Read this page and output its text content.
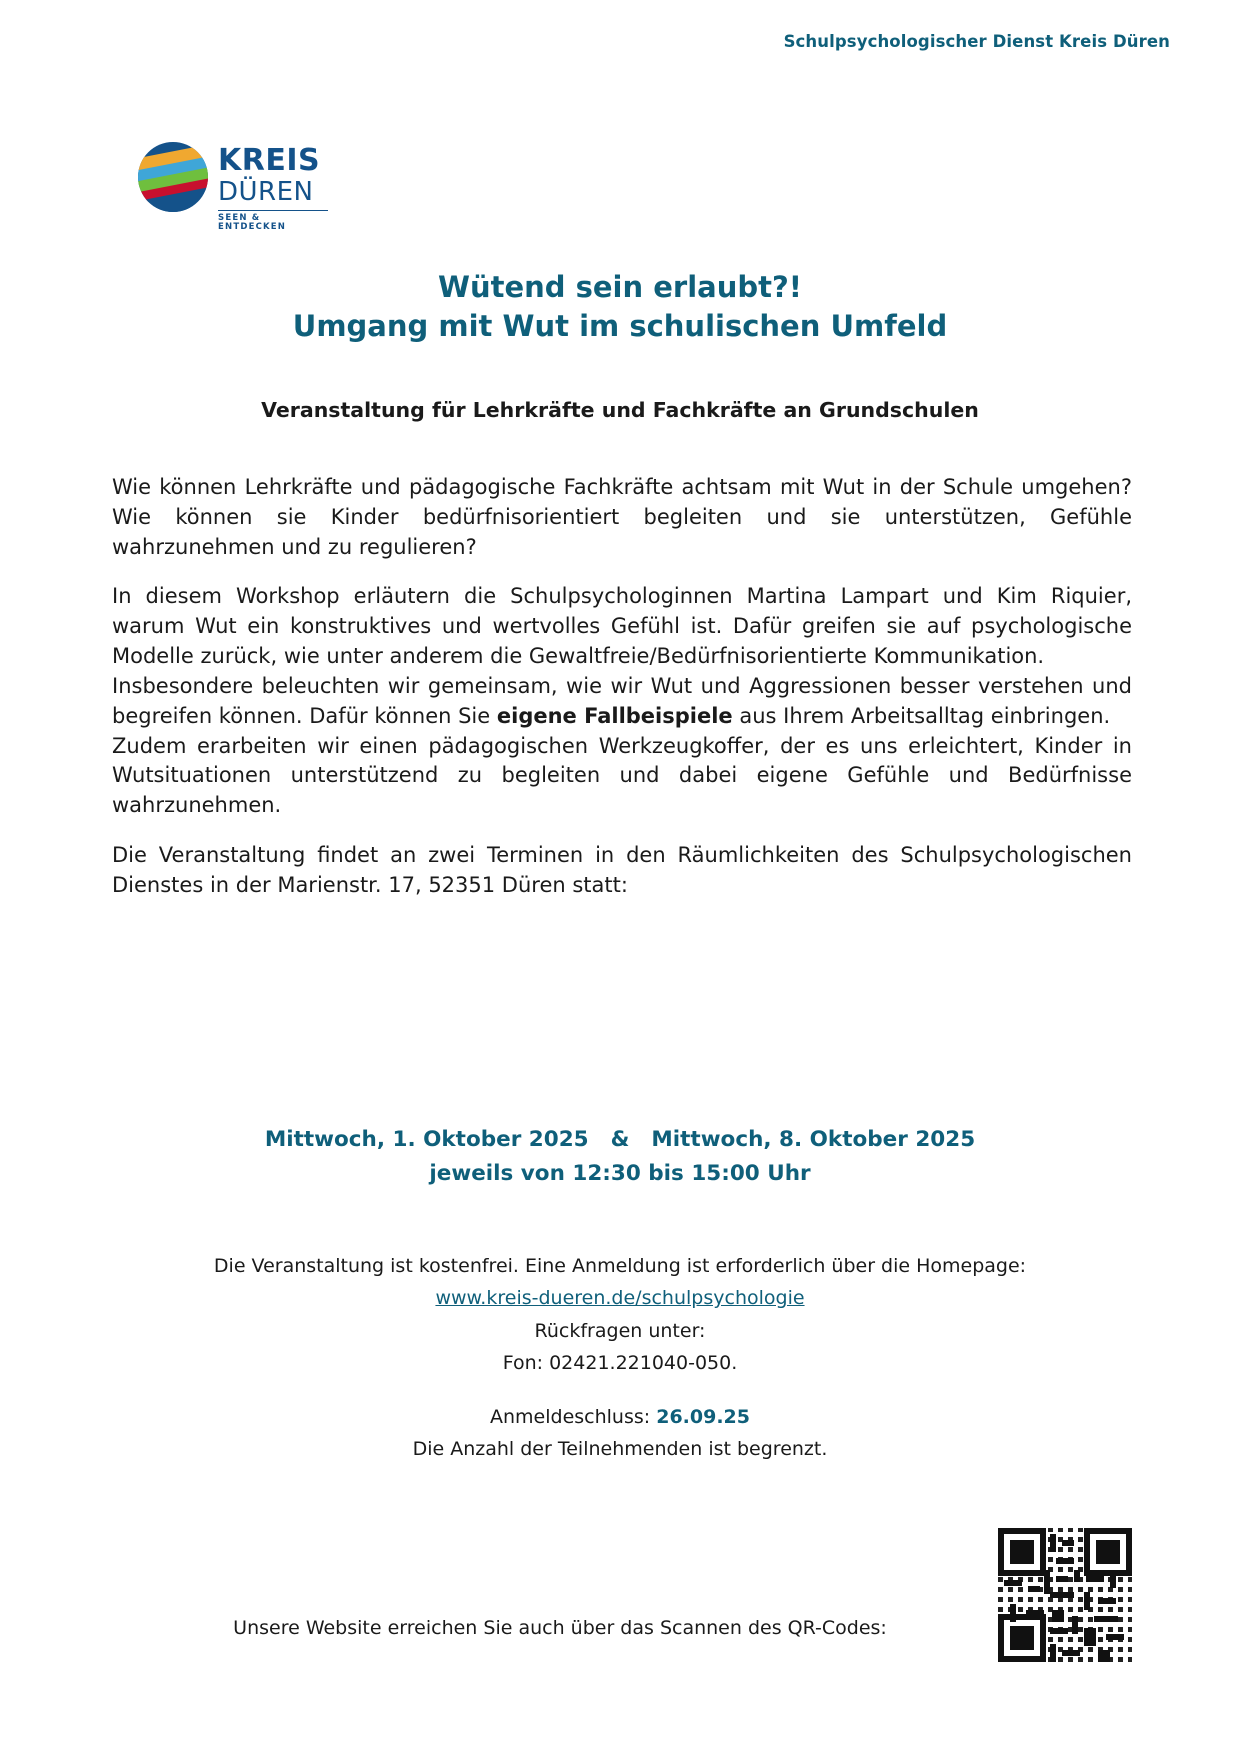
Schulpsychologischer Dienst Kreis Düren
KREIS
DÜREN
SEEN & ENTDECKEN
Wütend sein erlaubt?!
Umgang mit Wut im schulischen Umfeld
Veranstaltung für Lehrkräfte und Fachkräfte an Grundschulen

Wie können Lehrkräfte und pädagogische Fachkräfte achtsam mit Wut in der Schule umgehen? Wie können sie Kinder bedürfnisorientiert begleiten und sie unterstützen, Gefühle wahrzunehmen und zu regulieren?

In diesem Workshop erläutern die Schulpsychologinnen Martina Lampart und Kim Riquier, warum Wut ein konstruktives und wertvolles Gefühl ist. Dafür greifen sie auf psychologische Modelle zurück, wie unter anderem die Gewaltfreie/Bedürfnisorientierte Kommunikation.

Insbesondere beleuchten wir gemeinsam, wie wir Wut und Aggressionen besser verstehen und begreifen können. Dafür können Sie eigene Fallbeispiele aus Ihrem Arbeitsalltag einbringen.

Zudem erarbeiten wir einen pädagogischen Werkzeugkoffer, der es uns erleichtert, Kinder in Wutsituationen unterstützend zu begleiten und dabei eigene Gefühle und Bedürfnisse wahrzunehmen.

Die Veranstaltung findet an zwei Terminen in den Räumlichkeiten des Schulpsychologischen Dienstes in der Marienstr. 17, 52351 Düren statt:

Mittwoch, 1. Oktober 2025 & Mittwoch, 8. Oktober 2025
jeweils von 12:30 bis 15:00 Uhr
Die Veranstaltung ist kostenfrei. Eine Anmeldung ist erforderlich über die Homepage:
www.kreis-dueren.de/schulpsychologie
Rückfragen unter:
Fon: 02421.221040-050.
Anmeldeschluss: 26.09.25
Die Anzahl der Teilnehmenden ist begrenzt.
Unsere Website erreichen Sie auch über das Scannen des QR-Codes:
